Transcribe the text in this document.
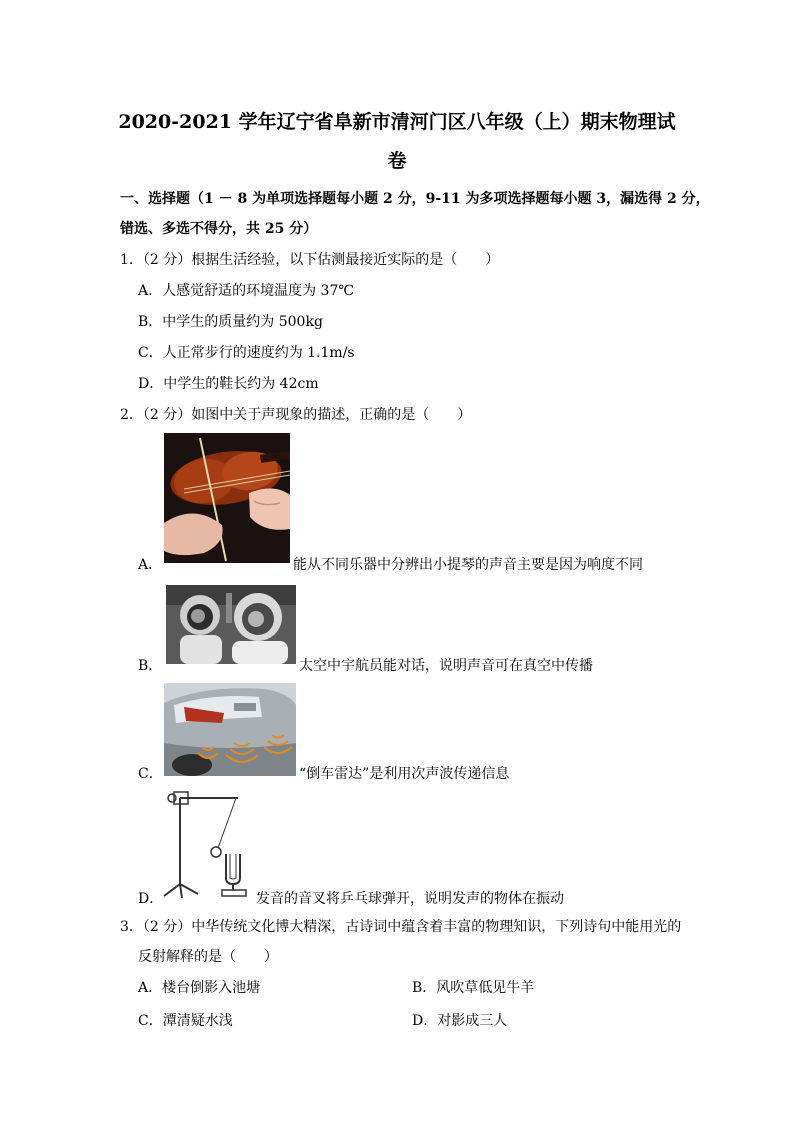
2020-2021 学年辽宁省阜新市清河门区八年级（上）期末物理试
卷
一、选择题（1 － 8 为单项选择题每小题 2 分，9-11 为多项选择题每小题 3，漏选得 2 分，
错选、多选不得分，共 25 分）
1．（2 分）根据生活经验，以下估测最接近实际的是（　　）
A．人感觉舒适的环境温度为 37℃
B．中学生的质量约为 500kg
C．人正常步行的速度约为 1.1m/s
D．中学生的鞋长约为 42cm
2．（2 分）如图中关于声现象的描述，正确的是（　　）
A．	能从不同乐器中分辨出小提琴的声音主要是因为响度不同
B．	太空中宇航员能对话，说明声音可在真空中传播
C．	“倒车雷达”是利用次声波传递信息
D．	发音的音叉将乒乓球弹开，说明发声的物体在振动
3．（2 分）中华传统文化博大精深，古诗词中蕴含着丰富的物理知识，下列诗句中能用光的
反射解释的是（　　）
A．楼台倒影入池塘	B．风吹草低见牛羊
C．潭清疑水浅	D．对影成三人
